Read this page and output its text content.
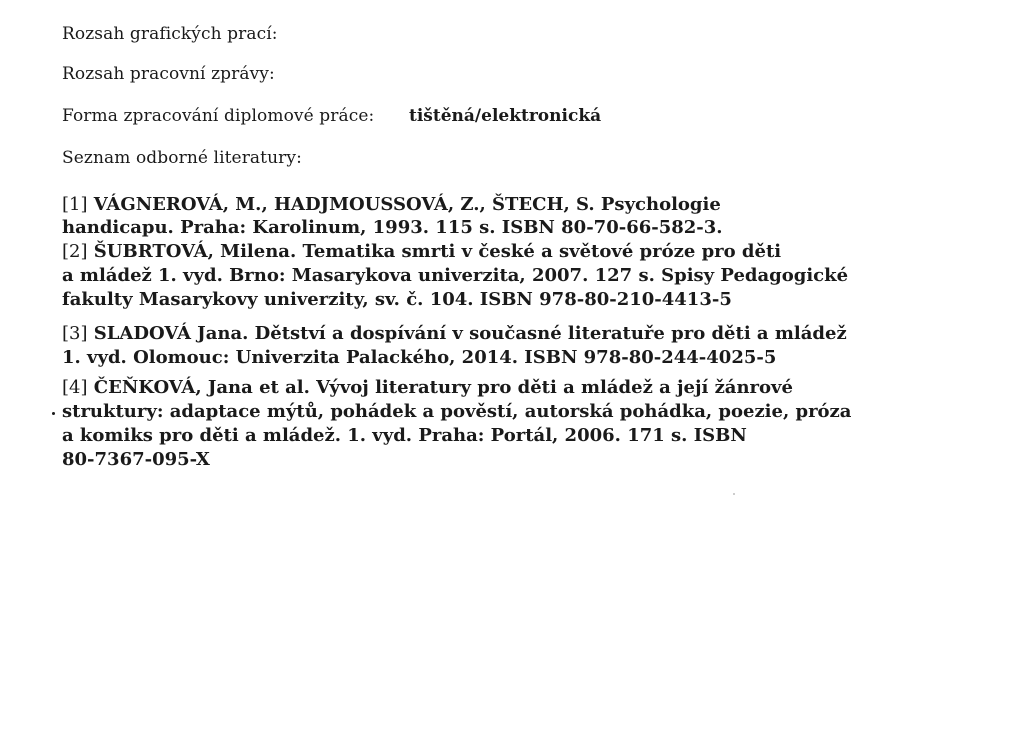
Rozsah grafických prací:
Rozsah pracovní zprávy:
Forma zpracování diplomové práce: tištěná/elektronická
Seznam odborné literatury:
[1] VÁGNEROVÁ, M., HADJMOUSSOVÁ, Z., ŠTECH, S. Psychologie
handicapu. Praha: Karolinum, 1993. 115 s. ISBN 80-70-66-582-3.
[2] ŠUBRTOVÁ, Milena. Tematika smrti v české a světové próze pro děti
a mládež 1. vyd. Brno: Masarykova univerzita, 2007. 127 s. Spisy Pedagogické
fakulty Masarykovy univerzity, sv. č. 104. ISBN 978-80-210-4413-5
[3] SLADOVÁ Jana. Dětství a dospívání v současné literatuře pro děti a mládež
1. vyd. Olomouc: Univerzita Palackého, 2014. ISBN 978-80-244-4025-5
[4] ČEŇKOVÁ, Jana et al. Vývoj literatury pro děti a mládež a její žánrové
struktury: adaptace mýtů, pohádek a pověstí, autorská pohádka, poezie, próza
a komiks pro děti a mládež. 1. vyd. Praha: Portál, 2006. 171 s. ISBN
80-7367-095-X
